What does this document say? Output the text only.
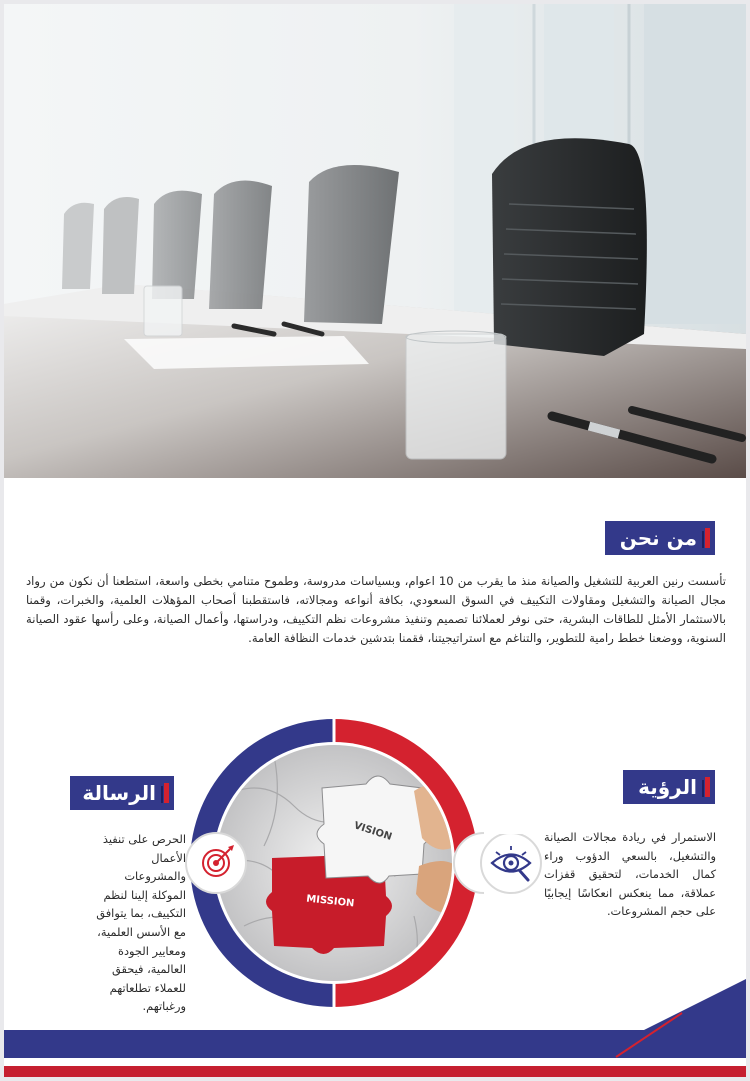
من نحن
تأسست رنين العربية للتشغيل والصيانة منذ ما يقرب من 10 اعوام، وبسياسات مدروسة، وطموح متنامي بخطى واسعة، استطعنا أن نكون من رواد مجال الصيانة والتشغيل ومقاولات التكييف في السوق السعودي، بكافة أنواعه ومجالاته، فاستقطبنا أصحاب المؤهلات العلمية، والخبرات، وقمنا بالاستثمار الأمثل للطاقات البشرية، حتى نوفر لعملائنا تصميم وتنفيذ مشروعات نظم التكييف، ودراستها، وأعمال الصيانة، وعلى رأسها عقود الصيانة السنوية، ووضعنا خطط رامية للتطوير، والتناغم مع استراتيجيتنا، فقمنا بتدشين خدمات النظافة العامة.
VISION
MISSION
الرؤية
الاستمرار في ريادة مجالات الصيانة والتشغيل، بالسعي الدؤوب وراء كمال الخدمات، لتحقيق قفزات عملاقة، مما ينعكس انعكاسًا إيجابيًا على حجم المشروعات.
الرسالة
الحرص على تنفيذ الأعمال والمشروعات الموكلة إلينا لنظم التكييف، بما يتوافق مع الأسس العلمية، ومعايير الجودة العالمية، فيحقق للعملاء تطلعاتهم ورغباتهم.
